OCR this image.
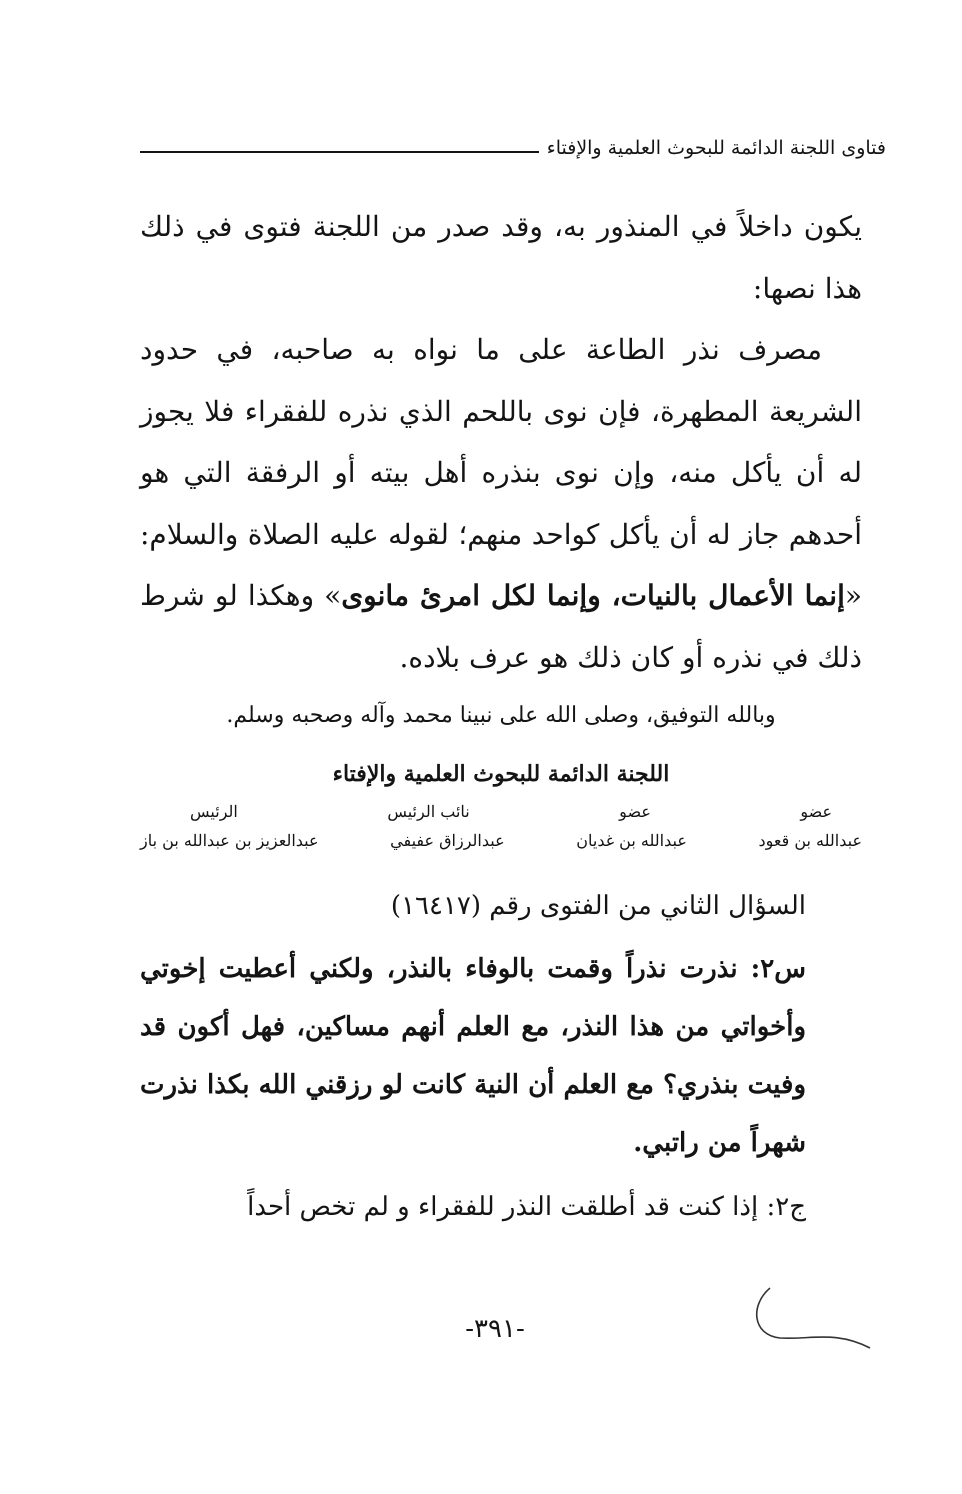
فتاوى اللجنة الدائمة للبحوث العلمية والإفتاء

يكون داخلاً في المنذور به، وقد صدر من اللجنة فتوى في ذلك هذا نصها:

مصرف نذر الطاعة على ما نواه به صاحبه، في حدود الشريعة المطهرة، فإن نوى باللحم الذي نذره للفقراء فلا يجوز له أن يأكل منه، وإن نوى بنذره أهل بيته أو الرفقة التي هو أحدهم جاز له أن يأكل كواحد منهم؛ لقوله عليه الصلاة والسلام: «إنما الأعمال بالنيات، وإنما لكل امرئ مانوى» وهكذا لو شرط ذلك في نذره أو كان ذلك هو عرف بلاده.

وبالله التوفيق، وصلى الله على نبينا محمد وآله وصحبه وسلم.

اللجنة الدائمة للبحوث العلمية والإفتاء

عضو
عضو
نائب الرئيس
الرئيس
عبدالله بن قعود
عبدالله بن غديان
عبدالرزاق عفيفي
عبدالعزيز بن عبدالله بن باز

السؤال الثاني من الفتوى رقم (١٦٤١٧)

س٢: نذرت نذراً وقمت بالوفاء بالنذر، ولكني أعطيت إخوتي وأخواتي من هذا النذر، مع العلم أنهم مساكين، فهل أكون قد وفيت بنذري؟ مع العلم أن النية كانت لو رزقني الله بكذا نذرت شهراً من راتبي.

ج٢: إذا كنت قد أطلقت النذر للفقراء و لم تخص أحداً

-٣٩١-
